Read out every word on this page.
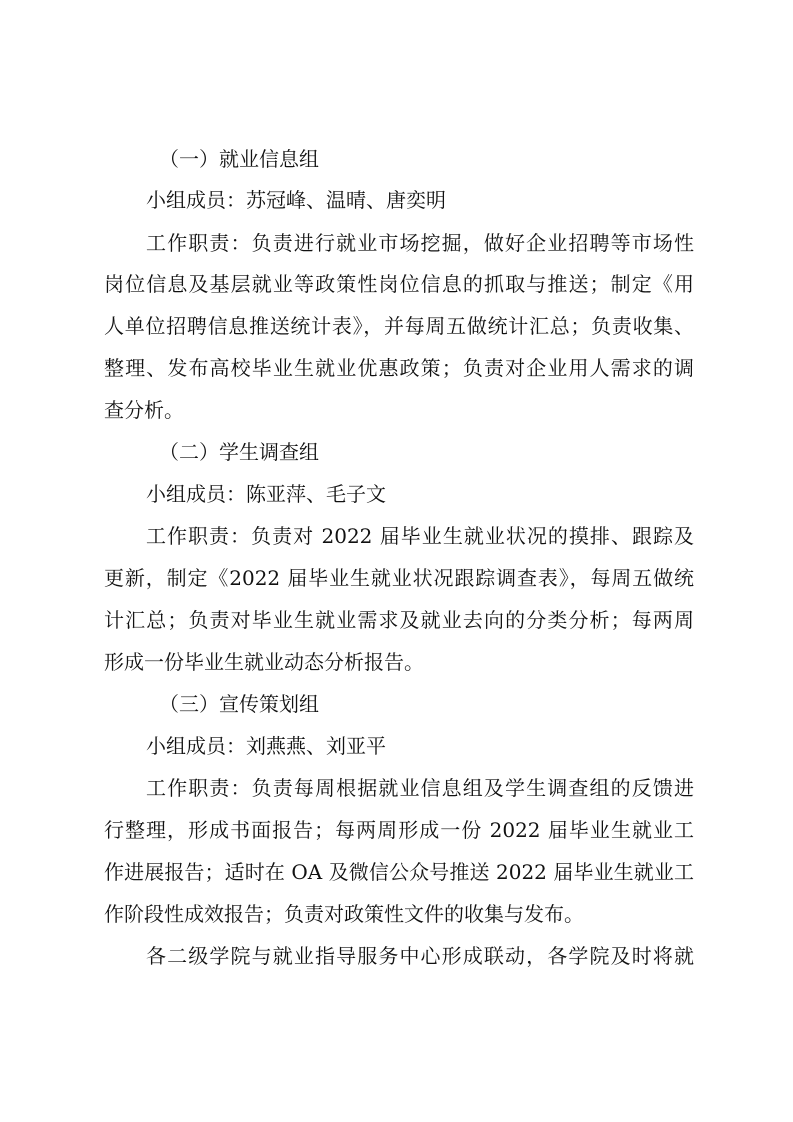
（一）就业信息组
小组成员：苏冠峰、温晴、唐奕明
工作职责：负责进行就业市场挖掘，做好企业招聘等市场性
岗位信息及基层就业等政策性岗位信息的抓取与推送；制定《用
人单位招聘信息推送统计表》，并每周五做统计汇总；负责收集、
整理、发布高校毕业生就业优惠政策；负责对企业用人需求的调
查分析。
（二）学生调查组
小组成员：陈亚萍、毛子文
工作职责：负责对 2022 届毕业生就业状况的摸排、跟踪及
更新，制定《2022 届毕业生就业状况跟踪调查表》，每周五做统
计汇总；负责对毕业生就业需求及就业去向的分类分析；每两周
形成一份毕业生就业动态分析报告。
（三）宣传策划组
小组成员：刘燕燕、刘亚平
工作职责：负责每周根据就业信息组及学生调查组的反馈进
行整理，形成书面报告；每两周形成一份 2022 届毕业生就业工
作进展报告；适时在 OA 及微信公众号推送 2022 届毕业生就业工
作阶段性成效报告；负责对政策性文件的收集与发布。
各二级学院与就业指导服务中心形成联动，各学院及时将就
